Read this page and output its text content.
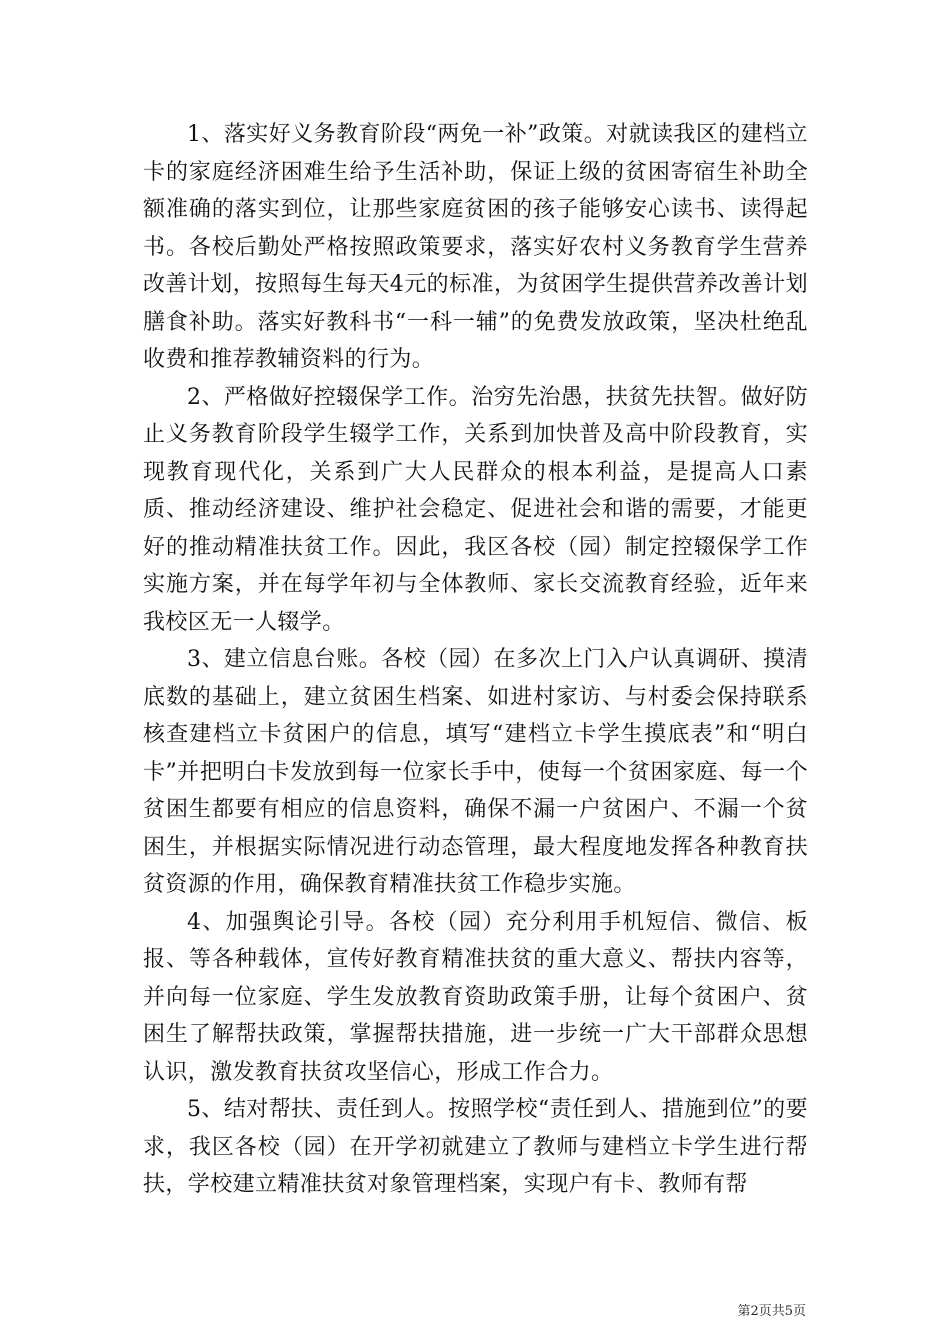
1、落实好义务教育阶段“两免一补”政策。对就读我区的建档立卡的家庭经济困难生给予生活补助，保证上级的贫困寄宿生补助全额准确的落实到位，让那些家庭贫困的孩子能够安心读书、读得起书。各校后勤处严格按照政策要求，落实好农村义务教育学生营养改善计划，按照每生每天4元的标准，为贫困学生提供营养改善计划膳食补助。落实好教科书“一科一辅”的免费发放政策，坚决杜绝乱收费和推荐教辅资料的行为。

2、严格做好控辍保学工作。治穷先治愚，扶贫先扶智。做好防止义务教育阶段学生辍学工作，关系到加快普及高中阶段教育，实现教育现代化，关系到广大人民群众的根本利益，是提高人口素质、推动经济建设、维护社会稳定、促进社会和谐的需要，才能更好的推动精准扶贫工作。因此，我区各校（园）制定控辍保学工作实施方案，并在每学年初与全体教师、家长交流教育经验，近年来我校区无一人辍学。

3、建立信息台账。各校（园）在多次上门入户认真调研、摸清底数的基础上，建立贫困生档案、如进村家访、与村委会保持联系核查建档立卡贫困户的信息，填写“建档立卡学生摸底表”和“明白卡”并把明白卡发放到每一位家长手中，使每一个贫困家庭、每一个贫困生都要有相应的信息资料，确保不漏一户贫困户、不漏一个贫困生，并根据实际情况进行动态管理，最大程度地发挥各种教育扶贫资源的作用，确保教育精准扶贫工作稳步实施。

4、加强舆论引导。各校（园）充分利用手机短信、微信、板报、等各种载体，宣传好教育精准扶贫的重大意义、帮扶内容等，并向每一位家庭、学生发放教育资助政策手册，让每个贫困户、贫困生了解帮扶政策，掌握帮扶措施，进一步统一广大干部群众思想认识，激发教育扶贫攻坚信心，形成工作合力。

5、结对帮扶、责任到人。按照学校“责任到人、措施到位”的要求，我区各校（园）在开学初就建立了教师与建档立卡学生进行帮扶，学校建立精准扶贫对象管理档案，实现户有卡、教师有帮

第2页共5页
